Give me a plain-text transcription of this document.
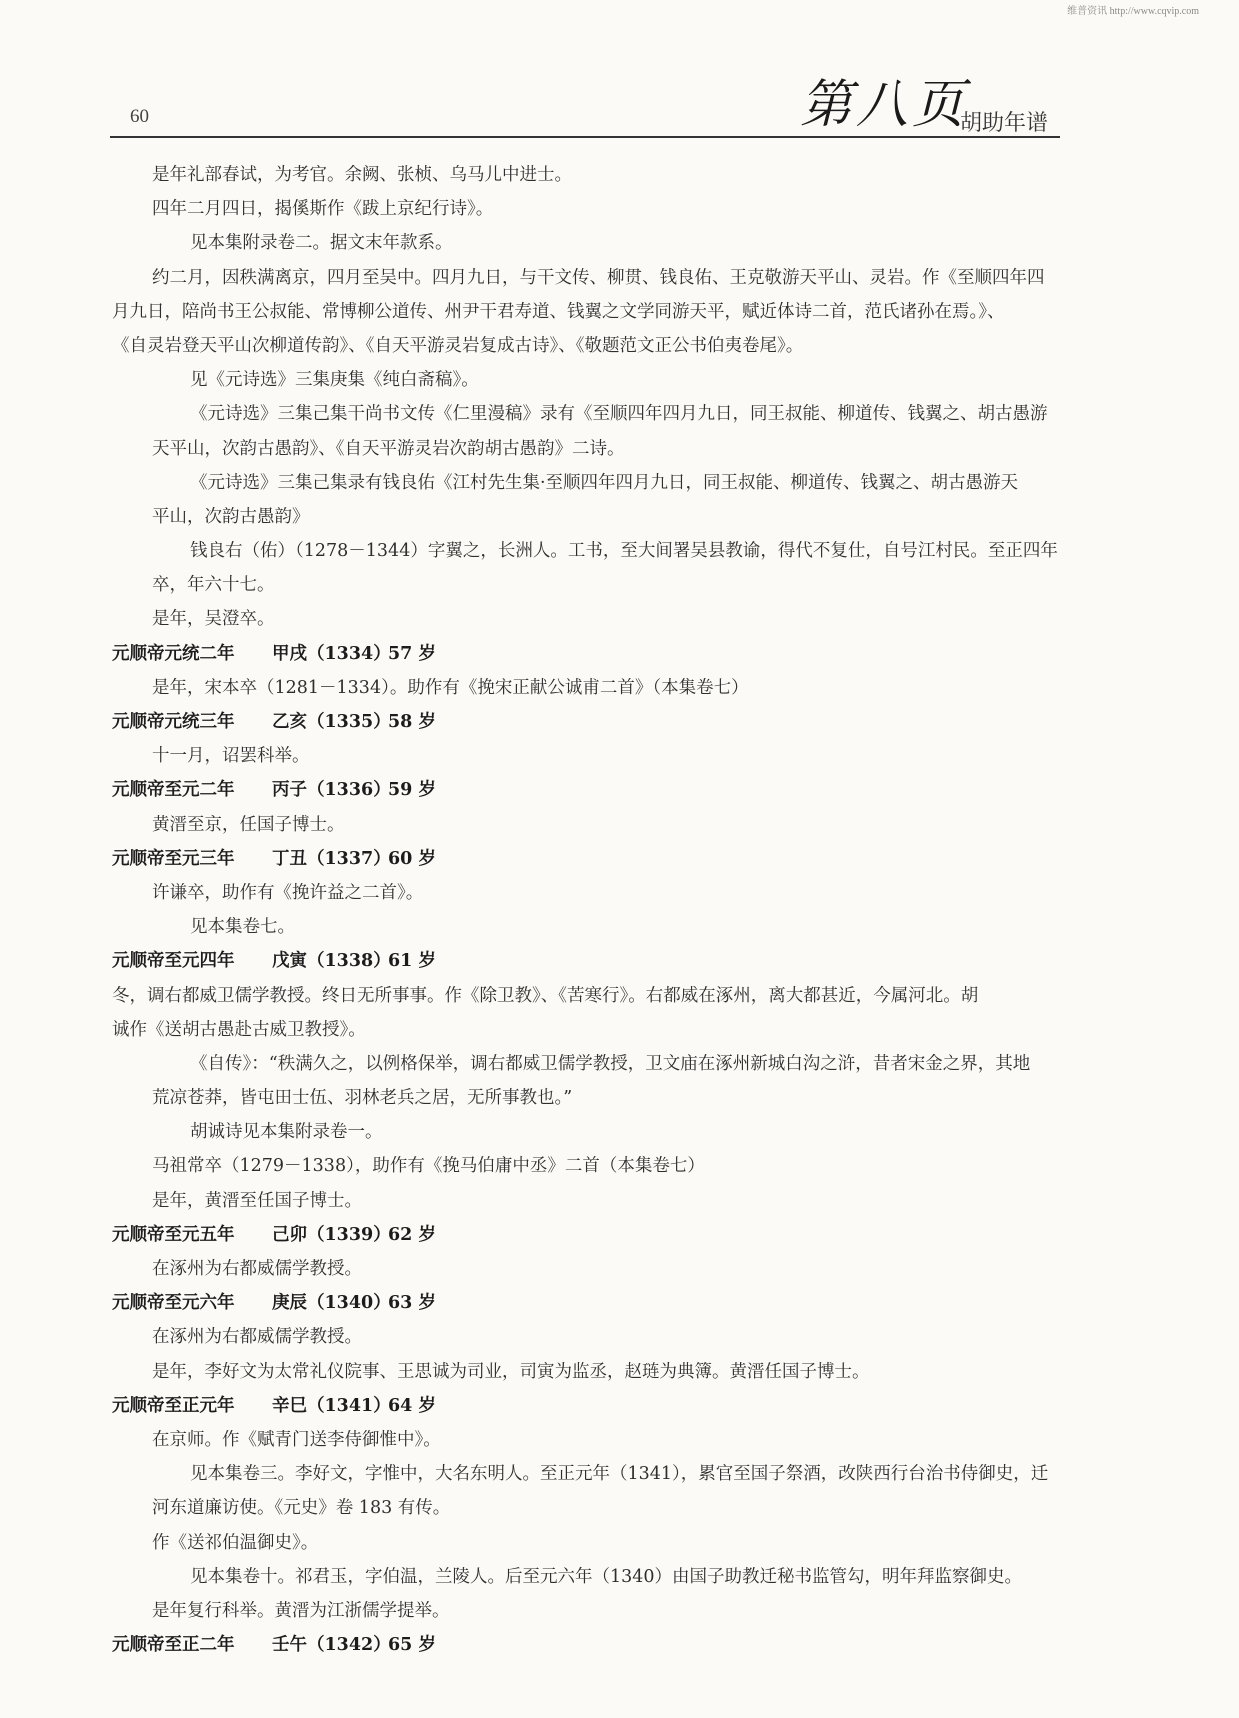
维普资讯 http://www.cqvip.com
60	第八页
胡助年谱
是年礼部春试，为考官。余阙、张桢、乌马儿中进士。
四年二月四日，揭傒斯作《跋上京纪行诗》。
见本集附录卷二。据文末年款系。
约二月，因秩满离京，四月至吴中。四月九日，与干文传、柳贯、钱良佑、王克敬游天平山、灵岩。作《至顺四年四
月九日，陪尚书王公叔能、常博柳公道传、州尹干君寿道、钱翼之文学同游天平，赋近体诗二首，范氏诸孙在焉。》、
《自灵岩登天平山次柳道传韵》、《自天平游灵岩复成古诗》、《敬题范文正公书伯夷卷尾》。
见《元诗选》三集庚集《纯白斋稿》。
《元诗选》三集己集干尚书文传《仁里漫稿》录有《至顺四年四月九日，同王叔能、柳道传、钱翼之、胡古愚游
天平山，次韵古愚韵》、《自天平游灵岩次韵胡古愚韵》二诗。
《元诗选》三集己集录有钱良佑《江村先生集·至顺四年四月九日，同王叔能、柳道传、钱翼之、胡古愚游天
平山，次韵古愚韵》
钱良右（佑）（1278－1344）字翼之，长洲人。工书，至大间署吴县教谕，得代不复仕，自号江村民。至正四年
卒，年六十七。
是年，吴澄卒。
元顺帝元统二年 甲戌（1334）57 岁
是年，宋本卒（1281－1334）。助作有《挽宋正献公诚甫二首》（本集卷七）
元顺帝元统三年 乙亥（1335）58 岁
十一月，诏罢科举。
元顺帝至元二年 丙子（1336）59 岁
黄溍至京，任国子博士。
元顺帝至元三年 丁丑（1337）60 岁
许谦卒，助作有《挽许益之二首》。
见本集卷七。
元顺帝至元四年 戊寅（1338）61 岁
冬，调右都威卫儒学教授。终日无所事事。作《除卫教》、《苦寒行》。右都威在涿州，离大都甚近，今属河北。胡
诚作《送胡古愚赴古威卫教授》。
《自传》：“秩满久之，以例格保举，调右都威卫儒学教授，卫文庙在涿州新城白沟之浒，昔者宋金之界，其地
荒凉苍莽，皆屯田士伍、羽林老兵之居，无所事教也。”
胡诚诗见本集附录卷一。
马祖常卒（1279－1338），助作有《挽马伯庸中丞》二首（本集卷七）
是年，黄溍至任国子博士。
元顺帝至元五年 己卯（1339）62 岁
在涿州为右都威儒学教授。
元顺帝至元六年 庚辰（1340）63 岁
在涿州为右都威儒学教授。
是年，李好文为太常礼仪院事、王思诚为司业，司寅为监丞，赵琏为典簿。黄溍任国子博士。
元顺帝至正元年 辛巳（1341）64 岁
在京师。作《赋青门送李侍御惟中》。
见本集卷三。李好文，字惟中，大名东明人。至正元年（1341），累官至国子祭酒，改陕西行台治书侍御史，迁
河东道廉访使。《元史》卷 183 有传。
作《送祁伯温御史》。
见本集卷十。祁君玉，字伯温，兰陵人。后至元六年（1340）由国子助教迁秘书监管勾，明年拜监察御史。
是年复行科举。黄溍为江浙儒学提举。
元顺帝至正二年 壬午（1342）65 岁
